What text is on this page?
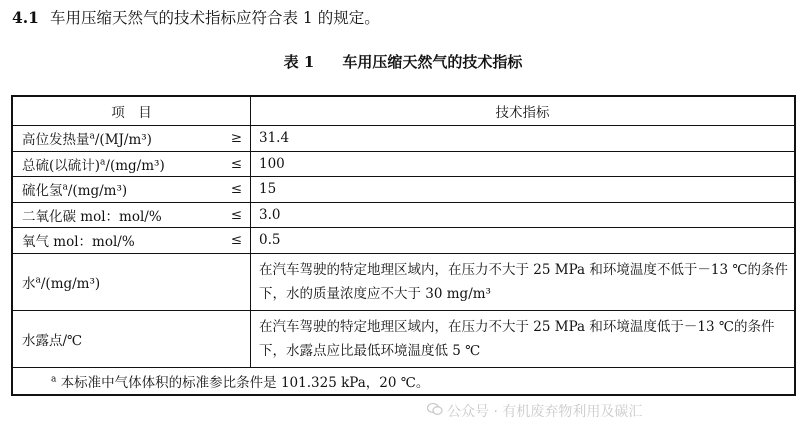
4.1 车用压缩天然气的技术指标应符合表 1 的规定。
表 1 车用压缩天然气的技术指标
项　目		技术指标
高位发热量$^a$/(MJ/m³)	≥	31.4
总硫(以硫计)$^a$/(mg/m³)	≤	100
硫化氢$^a$/(mg/m³)	≤	15
二氧化碳 mol：mol/%	≤	3.0
氧气 mol：mol/%	≤	0.5
水$^a$/(mg/m³)		在汽车驾驶的特定地理区域内，在压力不大于 25 MPa 和环境温度不低于－13 ℃的条件下，水的质量浓度应不大于 30 mg/m³
水露点/℃		在汽车驾驶的特定地理区域内，在压力不大于 25 MPa 和环境温度低于－13 ℃的条件下，水露点应比最低环境温度低 5 ℃
$^a$ 本标准中气体体积的标准参比条件是 101.325 kPa，20 ℃。		
公众号 · 有机废弃物利用及碳汇
